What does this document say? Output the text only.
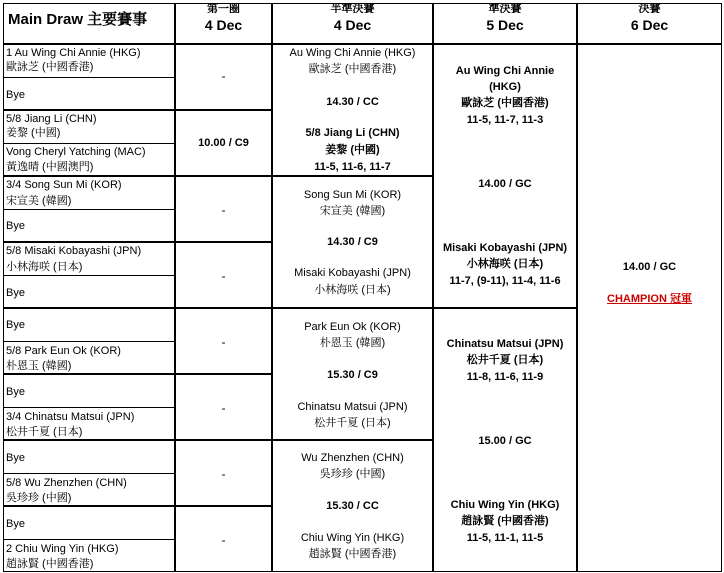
Main Draw 主要賽事
第一圈
4 Dec
半準決賽
4 Dec
準決賽
5 Dec
決賽
6 Dec
1 Au Wing Chi Annie (HKG)
歐詠芝 (中國香港)
Bye
5/8 Jiang Li (CHN)
姜黎 (中國)
Vong Cheryl Yatching (MAC)
黃逸晴 (中國澳門)
3/4 Song Sun Mi (KOR)
宋宣美 (韓國)
Bye
5/8 Misaki Kobayashi (JPN)
小林海咲 (日本)
Bye
Bye
5/8 Park Eun Ok (KOR)
朴恩玉 (韓國)
Bye
3/4 Chinatsu Matsui (JPN)
松井千夏 (日本)
Bye
5/8 Wu Zhenzhen (CHN)
吳珍珍 (中國)
Bye
2 Chiu Wing Yin (HKG)
趙詠賢 (中國香港)
-
10.00 / C9
-
-
-
-
-
-
Au Wing Chi Annie (HKG)
歐詠芝 (中國香港)
14.30 / CC
5/8 Jiang Li (CHN)
姜黎 (中國)
11-5, 11-6, 11-7
Song Sun Mi (KOR)
宋宣美 (韓國)
14.30 / C9
Misaki Kobayashi (JPN)
小林海咲 (日本)
Park Eun Ok (KOR)
朴恩玉 (韓國)
15.30 / C9
Chinatsu Matsui (JPN)
松井千夏 (日本)
Wu Zhenzhen (CHN)
吳珍珍 (中國)
15.30 / CC
Chiu Wing Yin (HKG)
趙詠賢 (中國香港)
Au Wing Chi Annie
(HKG)
歐詠芝 (中國香港)
11-5, 11-7, 11-3
14.00 / GC
Misaki Kobayashi (JPN)
小林海咲 (日本)
11-7, (9-11), 11-4, 11-6
Chinatsu Matsui (JPN)
松井千夏 (日本)
11-8, 11-6, 11-9
15.00 / GC
Chiu Wing Yin (HKG)
趙詠賢 (中國香港)
11-5, 11-1, 11-5
14.00 / GC
CHAMPION 冠軍
